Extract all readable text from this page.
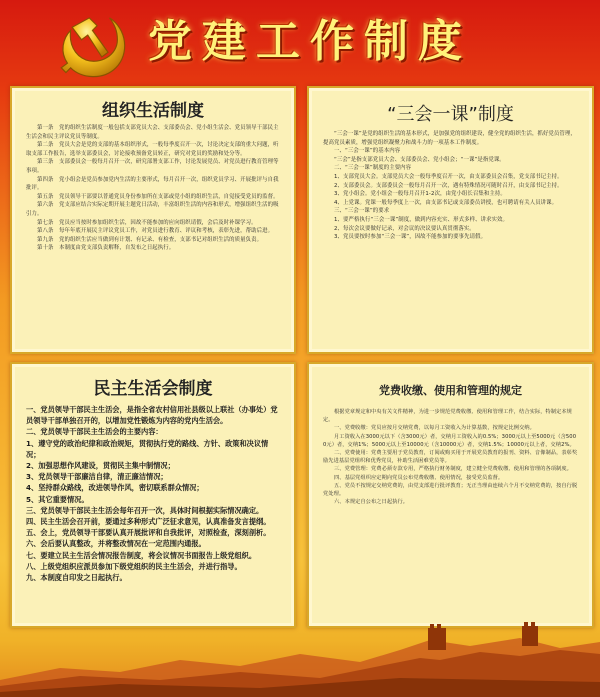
党建工作制度
组织生活制度

第一条　党的组织生活制度一般包括支部党员大会、支部委员会、党小组生活会、党员领导干部民主生活会和民主评议党员等制度。

第二条　党员大会是党的支部的基本组织形式，一般每季度召开一次，讨论决定支部的重大问题，听取支部工作报告，选举支部委员会，讨论接收预备党员转正，研究对党员的奖励和处分等。

第三条　支部委员会一般每月召开一次，研究部署支部工作，讨论发展党员、对党员进行教育管理等事项。

第四条　党小组会是党员参加党内生活的主要形式，每月召开一次，组织党员学习、开展批评与自我批评。

第五条　党员领导干部要以普通党员身份参加所在支部或党小组的组织生活，自觉接受党员的监督。

第六条　党支部应结合实际定期开展主题党日活动，丰富组织生活的内容和形式，增强组织生活的吸引力。

第七条　党员应当按时参加组织生活，因故不能参加的应向组织请假，会后及时补课学习。

第八条　每年年底开展民主评议党员工作，对党员进行教育、评议和考核，表彰先进，帮助后进。

第九条　党的组织生活应当做到有计划、有记录、有检查，支部书记对组织生活的质量负责。

第十条　本制度由党支部负责解释，自发布之日起执行。

“三会一课”制度

“三会一课”是党的组织生活的基本形式，是加强党的组织建设，健全党的组织生活，抓好党员管理，提高党员素质，增强党组织凝聚力和战斗力的一项基本工作制度。

一、“三会一课”的基本内容

“三会”是指支部党员大会、支部委员会、党小组会；“一课”是指党课。

二、“三会一课”制度的主要内容

1、支部党员大会。支部党员大会一般每季度召开一次，由支部委员会召集，党支部书记主持。

2、支部委员会。支部委员会一般每月召开一次，遇有特殊情况可随时召开，由支部书记主持。

3、党小组会。党小组会一般每月召开1-2次，由党小组长召集和主持。

4、上党课。党课一般每季度上一次，由支部书记或支部委员讲授，也可聘请有关人员讲课。

三、“三会一课”的要求

1、要严格执行“三会一课”制度，做到内容充实、形式多样、讲求实效。

2、每次会议要做好记录，对会议的决议要认真贯彻落实。

3、党员要按时参加“三会一课”，因故不能参加的要事先请假。

民主生活会制度

一、党员领导干部民主生活会，是指全省农村信用社县级以上联社（办事处）党员领导干部单独召开的，以增加党性锻炼为内容的党内生活会。

二、党员领导干部民主生活会的主要内容：

1、遵守党的政治纪律和政治规矩，贯彻执行党的路线、方针、政策和决议情况；

2、加强思想作风建设，贯彻民主集中制情况；

3、党员领导干部廉洁自律，清正廉洁情况；

4、坚持群众路线，改进领导作风，密切联系群众情况；

5、其它重要情况。

三、党员领导干部民主生活会每年召开一次，具体时间根据实际情况确定。

四、民主生活会召开前，要通过多种形式广泛征求意见，认真准备发言提纲。

五、会上，党员领导干部要认真开展批评和自我批评，对照检查，深刻剖析。

六、会后要认真整改，并将整改情况在一定范围内通报。

七、要建立民主生活会情况报告制度，将会议情况书面报告上级党组织。

八、上级党组织应派员参加下级党组织的民主生活会，并进行指导。

九、本制度自印发之日起执行。

党费收缴、使用和管理的规定

根据党章规定和中央有关文件精神，为进一步规范党费收缴、使用和管理工作，结合实际，特制定本规定。

一、党费收缴：党员应按月交纳党费，以每月工资收入为计算基数，按规定比例交纳。

月工资收入在3000元以下（含3000元）者，交纳月工资收入的0.5%；3000元以上至5000元（含5000元）者，交纳1%；5000元以上至10000元（含10000元）者，交纳1.5%；10000元以上者，交纳2%。

二、党费使用：党费主要用于党员教育，订阅或购买用于开展党员教育的报刊、资料、音像制品，表彰奖励先进基层党组织和优秀党员，补助生活困难党员等。

三、党费管理：党费必须专款专用，严格执行财务制度，建立健全党费收缴、使用和管理的各项制度。

四、基层党组织应定期向党员公布党费收缴、使用情况，接受党员监督。

五、党员不按规定交纳党费的，由党支部进行批评教育；无正当理由连续六个月不交纳党费的，按自行脱党处理。

六、本规定自公布之日起执行。
